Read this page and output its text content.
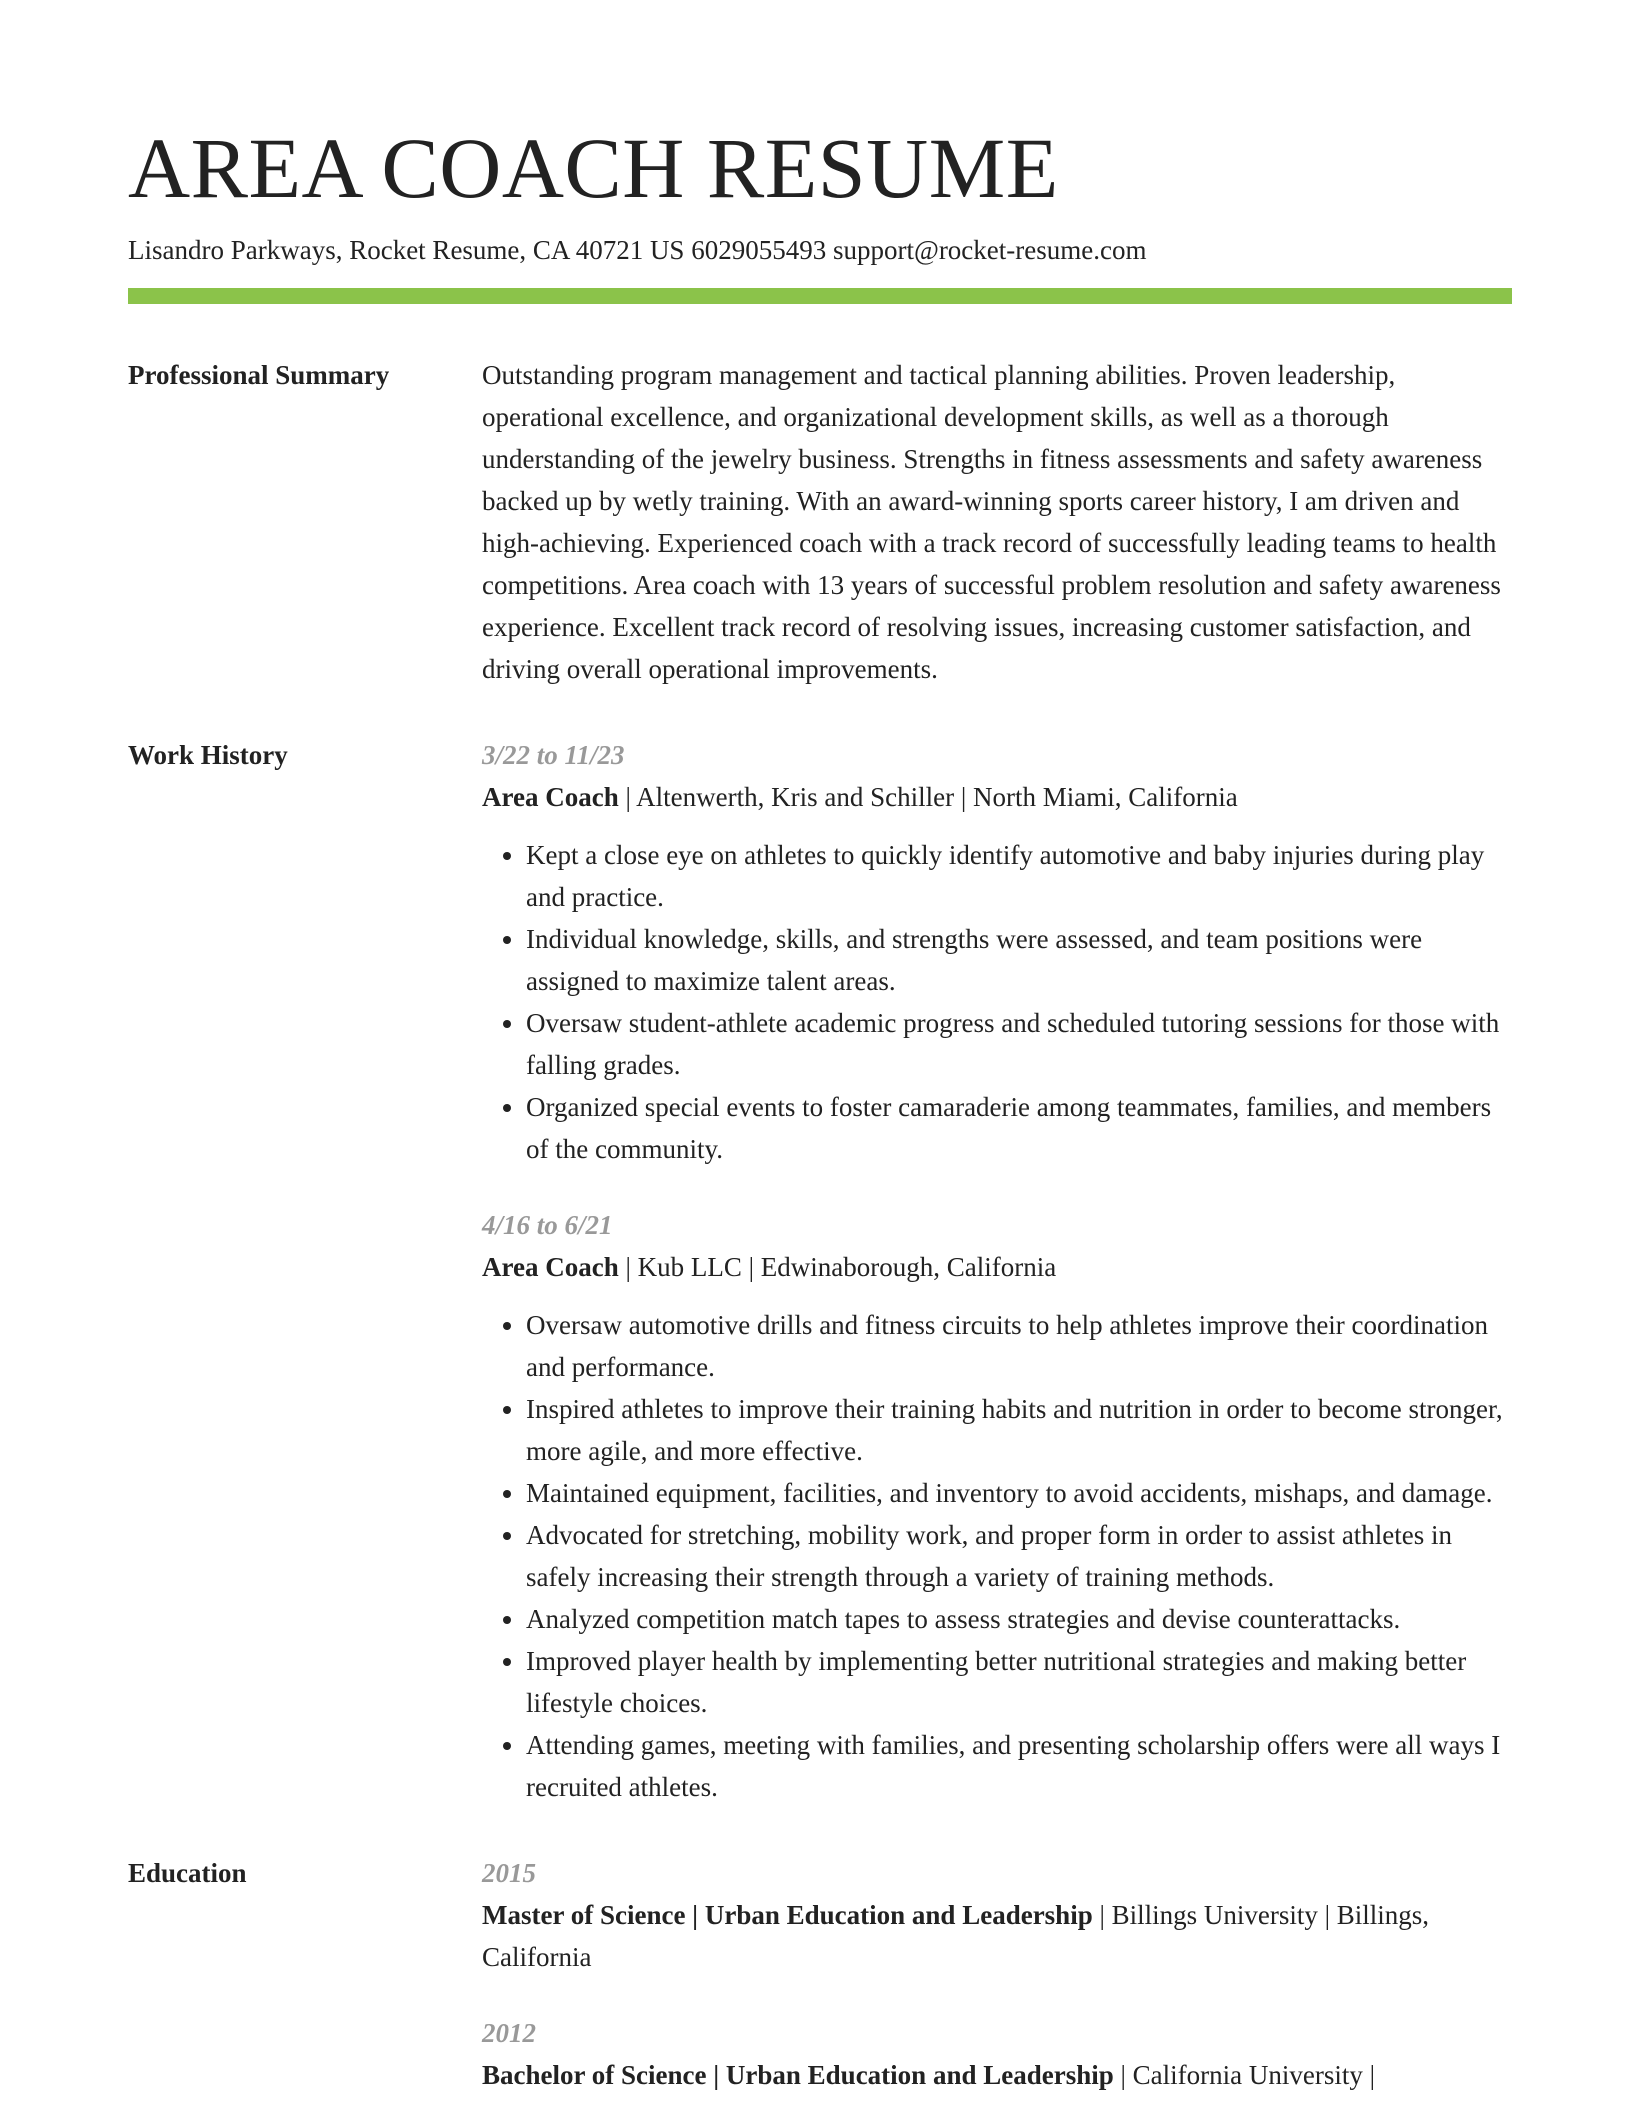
AREA COACH RESUME
Lisandro Parkways, Rocket Resume, CA 40721 US 6029055493 support@rocket-resume.com
Professional Summary	Outstanding program management and tactical planning abilities. Proven leadership, operational excellence, and organizational development skills, as well as a thorough understanding of the jewelry business. Strengths in fitness assessments and safety awareness backed up by wetly training. With an award-winning sports career history, I am driven and high-achieving. Experienced coach with a track record of successfully leading teams to health competitions. Area coach with 13 years of successful problem resolution and safety awareness experience. Excellent track record of resolving issues, increasing customer satisfaction, and driving overall operational improvements.

Work History	3/22 to 11/23
Area Coach | Altenwerth, Kris and Schiller | North Miami, California
• Kept a close eye on athletes to quickly identify automotive and baby injuries during play and practice.
• Individual knowledge, skills, and strengths were assessed, and team positions were assigned to maximize talent areas.
• Oversaw student-athlete academic progress and scheduled tutoring sessions for those with falling grades.
• Organized special events to foster camaraderie among teammates, families, and members of the community.
4/16 to 6/21
Area Coach | Kub LLC | Edwinaborough, California
• Oversaw automotive drills and fitness circuits to help athletes improve their coordination and performance.
• Inspired athletes to improve their training habits and nutrition in order to become stronger, more agile, and more effective.
• Maintained equipment, facilities, and inventory to avoid accidents, mishaps, and damage.
• Advocated for stretching, mobility work, and proper form in order to assist athletes in safely increasing their strength through a variety of training methods.
• Analyzed competition match tapes to assess strategies and devise counterattacks.
• Improved player health by implementing better nutritional strategies and making better lifestyle choices.
• Attending games, meeting with families, and presenting scholarship offers were all ways I recruited athletes.
Education	2015
Master of Science | Urban Education and Leadership | Billings University | Billings, California
2012
Bachelor of Science | Urban Education and Leadership | California University |
